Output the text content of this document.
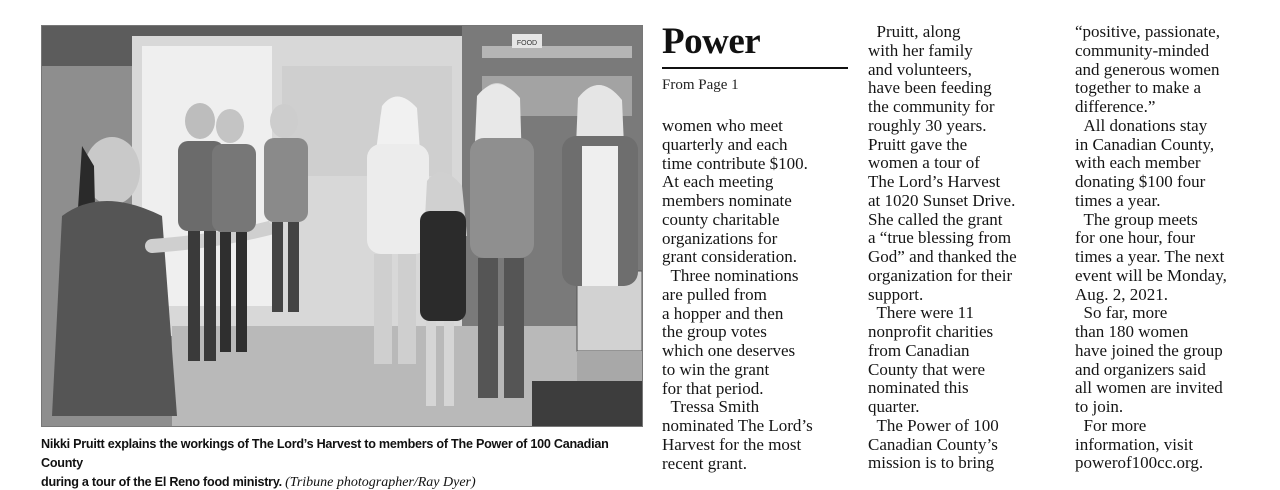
FOOD
Nikki Pruitt explains the workings of The Lord’s Harvest to members of The Power of 100 Canadian County
during a tour of the El Reno food ministry. (Tribune photographer/Ray Dyer)
Power
From Page 1
women who meet
quarterly and each
time contribute $100.
At each meeting
members nominate
county charitable
organizations for
grant consideration.
Three nominations
are pulled from
a hopper and then
the group votes
which one deserves
to win the grant
for that period.
Tressa Smith
nominated The Lord’s
Harvest for the most
recent grant.
Pruitt, along
with her family
and volunteers,
have been feeding
the community for
roughly 30 years.
Pruitt gave the
women a tour of
The Lord’s Harvest
at 1020 Sunset Drive.
She called the grant
a “true blessing from
God” and thanked the
organization for their
support.
There were 11
nonprofit charities
from Canadian
County that were
nominated this
quarter.
The Power of 100
Canadian County’s
mission is to bring
“positive, passionate,
community-minded
and generous women
together to make a
difference.”
All donations stay
in Canadian County,
with each member
donating $100 four
times a year.
The group meets
for one hour, four
times a year. The next
event will be Monday,
Aug. 2, 2021.
So far, more
than 180 women
have joined the group
and organizers said
all women are invited
to join.
For more
information, visit
powerof100cc.org.
